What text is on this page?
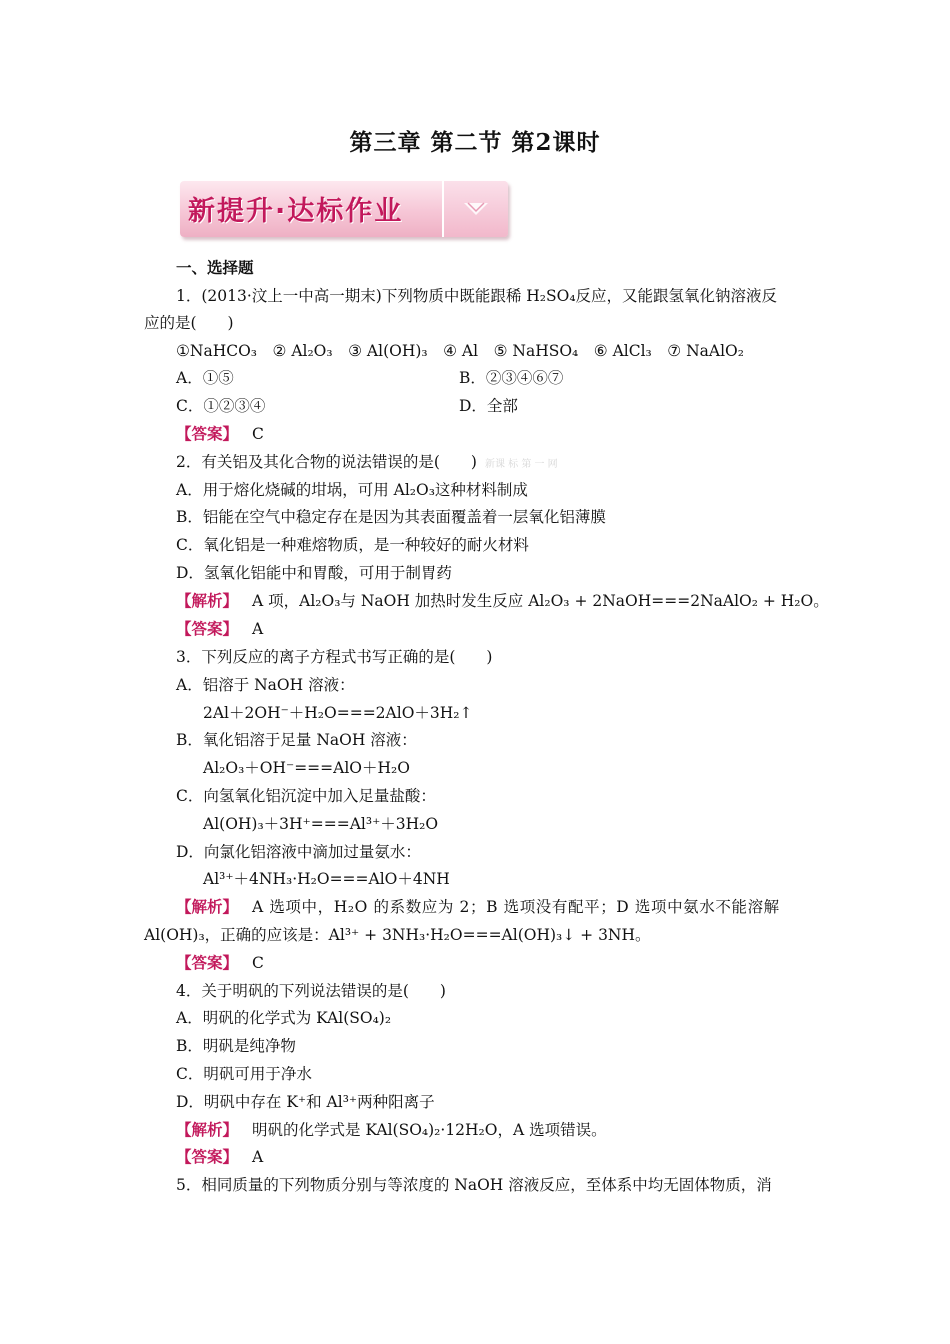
第三章 第二节 第2课时
新提升·达标作业
一、选择题
1．(2013·汶上一中高一期末)下列物质中既能跟稀 H₂SO₄反应，又能跟氢氧化钠溶液反
应的是(　　)
①NaHCO₃　② Al₂O₃　③ Al(OH)₃　④ Al　⑤ NaHSO₄　⑥ AlCl₃　⑦ NaAlO₂
A．①⑤	B．②③④⑥⑦
C．①②③④	D．全部
【答案】 C
2．有关铝及其化合物的说法错误的是(　　) 新课 标 第 一 网
A．用于熔化烧碱的坩埚，可用 Al₂O₃这种材料制成
B．铝能在空气中稳定存在是因为其表面覆盖着一层氧化铝薄膜
C．氧化铝是一种难熔物质，是一种较好的耐火材料
D．氢氧化铝能中和胃酸，可用于制胃药
【解析】 A 项，Al₂O₃与 NaOH 加热时发生反应 Al₂O₃ + 2NaOH===2NaAlO₂ + H₂O。
【答案】 A
3．下列反应的离子方程式书写正确的是(　　)
A．铝溶于 NaOH 溶液：
2Al＋2OH⁻＋H₂O===2AlO＋3H₂↑
B．氧化铝溶于足量 NaOH 溶液：
Al₂O₃＋OH⁻===AlO＋H₂O
C．向氢氧化铝沉淀中加入足量盐酸：
Al(OH)₃＋3H⁺===Al³⁺＋3H₂O
D．向氯化铝溶液中滴加过量氨水：
Al³⁺＋4NH₃·H₂O===AlO＋4NH
【解析】 A 选项中，H₂O 的系数应为 2；B 选项没有配平；D 选项中氨水不能溶解
Al(OH)₃，正确的应该是：Al³⁺ + 3NH₃·H₂O===Al(OH)₃↓ + 3NH。
【答案】 C
4．关于明矾的下列说法错误的是(　　)
A．明矾的化学式为 KAl(SO₄)₂
B．明矾是纯净物
C．明矾可用于净水
D．明矾中存在 K⁺和 Al³⁺两种阳离子
【解析】 明矾的化学式是 KAl(SO₄)₂·12H₂O，A 选项错误。
【答案】 A
5．相同质量的下列物质分别与等浓度的 NaOH 溶液反应，至体系中均无固体物质，消
